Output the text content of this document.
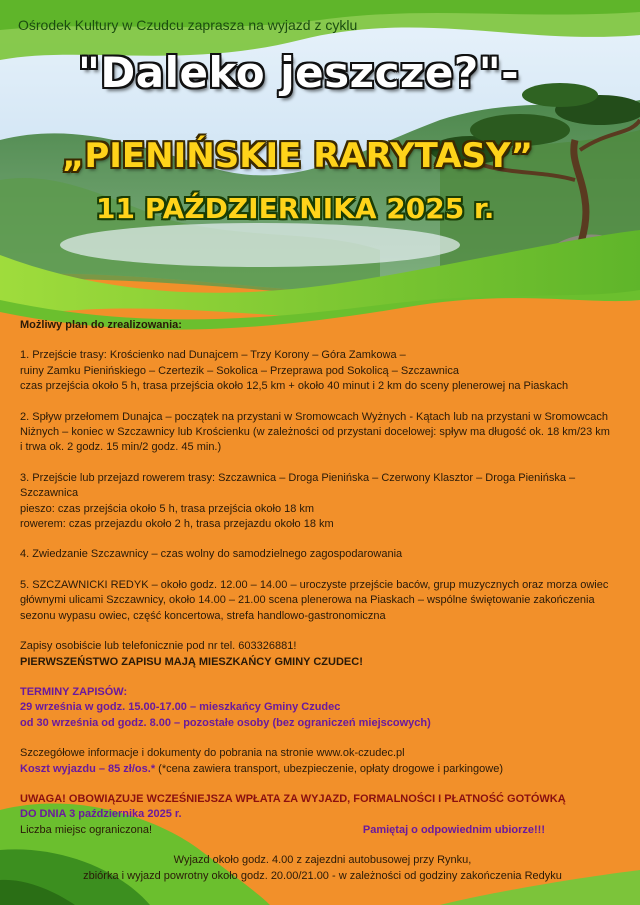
Ośrodek Kultury w Czudcu zaprasza na wyjazd z cyklu
"Daleko jeszcze?"-
„PIENIŃSKIE RARYTASY”
11 PAŹDZIERNIKA 2025 r.

Możliwy plan do zrealizowania:

1. Przejście trasy: Krościenko nad Dunajcem – Trzy Korony – Góra Zamkowa –

ruiny Zamku Pienińskiego – Czertezik – Sokolica – Przeprawa pod Sokolicą – Szczawnica

czas przejścia około 5 h, trasa przejścia około 12,5 km + około 40 minut i 2 km do sceny plenerowej na Piaskach

2. Spływ przełomem Dunajca – początek na przystani w Sromowcach Wyżnych - Kątach lub na przystani w Sromowcach

Niżnych – koniec w Szczawnicy lub Krościenku (w zależności od przystani docelowej: spływ ma długość ok. 18 km/23 km

i trwa ok. 2 godz. 15 min/2 godz. 45 min.)

3. Przejście lub przejazd rowerem trasy: Szczawnica – Droga Pienińska – Czerwony Klasztor – Droga Pienińska – Szczawnica

pieszo: czas przejścia około 5 h, trasa przejścia około 18 km

rowerem: czas przejazdu około 2 h, trasa przejazdu około 18 km

4. Zwiedzanie Szczawnicy – czas wolny do samodzielnego zagospodarowania

5. SZCZAWNICKI REDYK – około godz. 12.00 – 14.00 – uroczyste przejście baców, grup muzycznych oraz morza owiec

głównymi ulicami Szczawnicy, około 14.00 – 21.00 scena plenerowa na Piaskach – wspólne świętowanie zakończenia

sezonu wypasu owiec, część koncertowa, strefa handlowo-gastronomiczna

Zapisy osobiście lub telefonicznie pod nr tel. 603326881!

PIERWSZEŃSTWO ZAPISU MAJĄ MIESZKAŃCY GMINY CZUDEC!

TERMINY ZAPISÓW:

29 września w godz. 15.00-17.00 – mieszkańcy Gminy Czudec

od 30 września od godz. 8.00 – pozostałe osoby (bez ograniczeń miejscowych)

Szczegółowe informacje i dokumenty do pobrania na stronie www.ok-czudec.pl

Koszt wyjazdu – 85 zł/os.* (*cena zawiera transport, ubezpieczenie, opłaty drogowe i parkingowe)

UWAGA! OBOWIĄZUJE WCZEŚNIEJSZA WPŁATA ZA WYJAZD, FORMALNOŚCI I PŁATNOŚĆ GOTÓWKĄ

DO DNIA 3 października 2025 r.

Liczba miejsc ograniczona!	Pamiętaj o odpowiednim ubiorze!!!

Wyjazd około godz. 4.00 z zajezdni autobusowej przy Rynku,

zbiórka i wyjazd powrotny około godz. 20.00/21.00 - w zależności od godziny zakończenia Redyku
